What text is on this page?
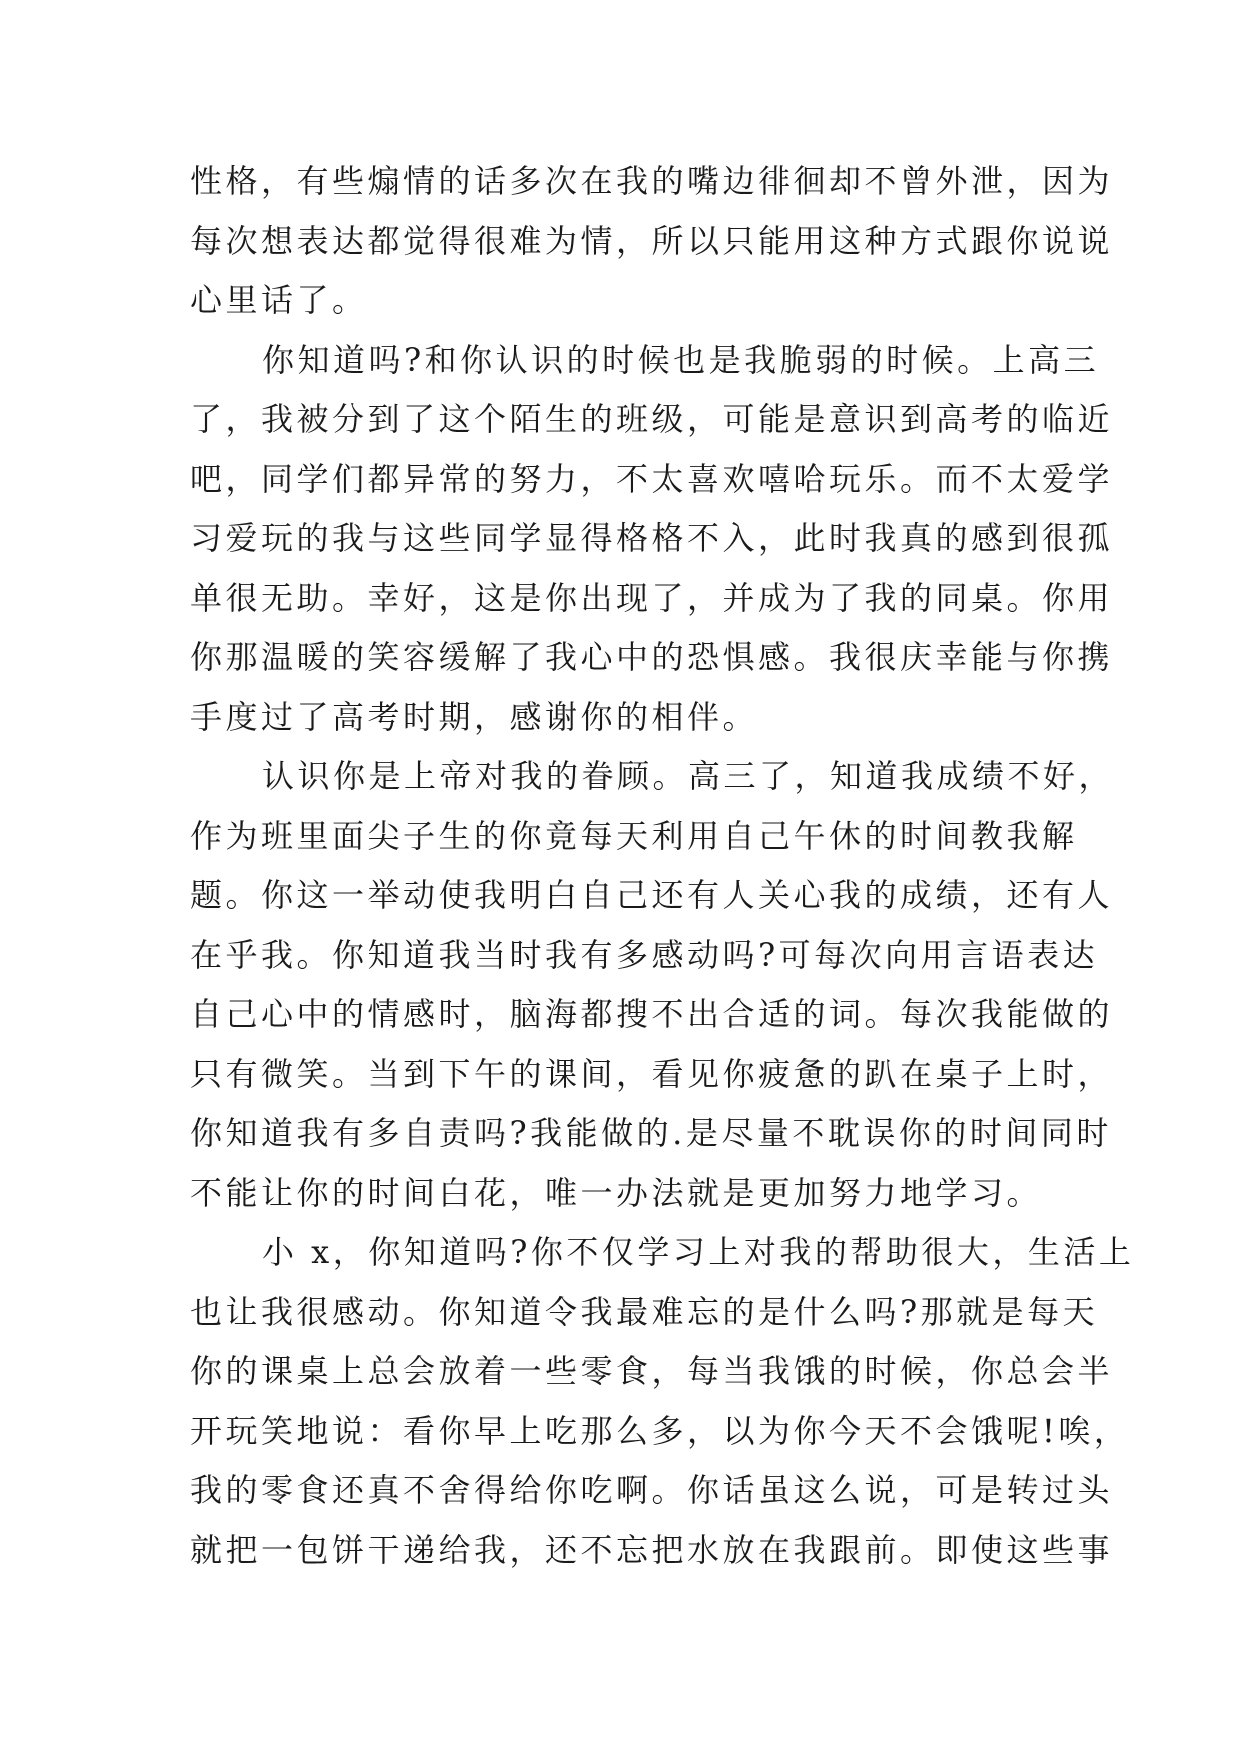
性格，有些煽情的话多次在我的嘴边徘徊却不曾外泄，因为
每次想表达都觉得很难为情，所以只能用这种方式跟你说说
心里话了。
你知道吗?和你认识的时候也是我脆弱的时候。上高三
了，我被分到了这个陌生的班级，可能是意识到高考的临近
吧，同学们都异常的努力，不太喜欢嘻哈玩乐。而不太爱学
习爱玩的我与这些同学显得格格不入，此时我真的感到很孤
单很无助。幸好，这是你出现了，并成为了我的同桌。你用
你那温暖的笑容缓解了我心中的恐惧感。我很庆幸能与你携
手度过了高考时期，感谢你的相伴。
认识你是上帝对我的眷顾。高三了，知道我成绩不好，
作为班里面尖子生的你竟每天利用自己午休的时间教我解
题。你这一举动使我明白自己还有人关心我的成绩，还有人
在乎我。你知道我当时我有多感动吗?可每次向用言语表达
自己心中的情感时，脑海都搜不出合适的词。每次我能做的
只有微笑。当到下午的课间，看见你疲惫的趴在桌子上时，
你知道我有多自责吗?我能做的.是尽量不耽误你的时间同时
不能让你的时间白花，唯一办法就是更加努力地学习。
小 x，你知道吗?你不仅学习上对我的帮助很大，生活上
也让我很感动。你知道令我最难忘的是什么吗?那就是每天
你的课桌上总会放着一些零食，每当我饿的时候，你总会半
开玩笑地说：看你早上吃那么多，以为你今天不会饿呢!唉，
我的零食还真不舍得给你吃啊。你话虽这么说，可是转过头
就把一包饼干递给我，还不忘把水放在我跟前。即使这些事
